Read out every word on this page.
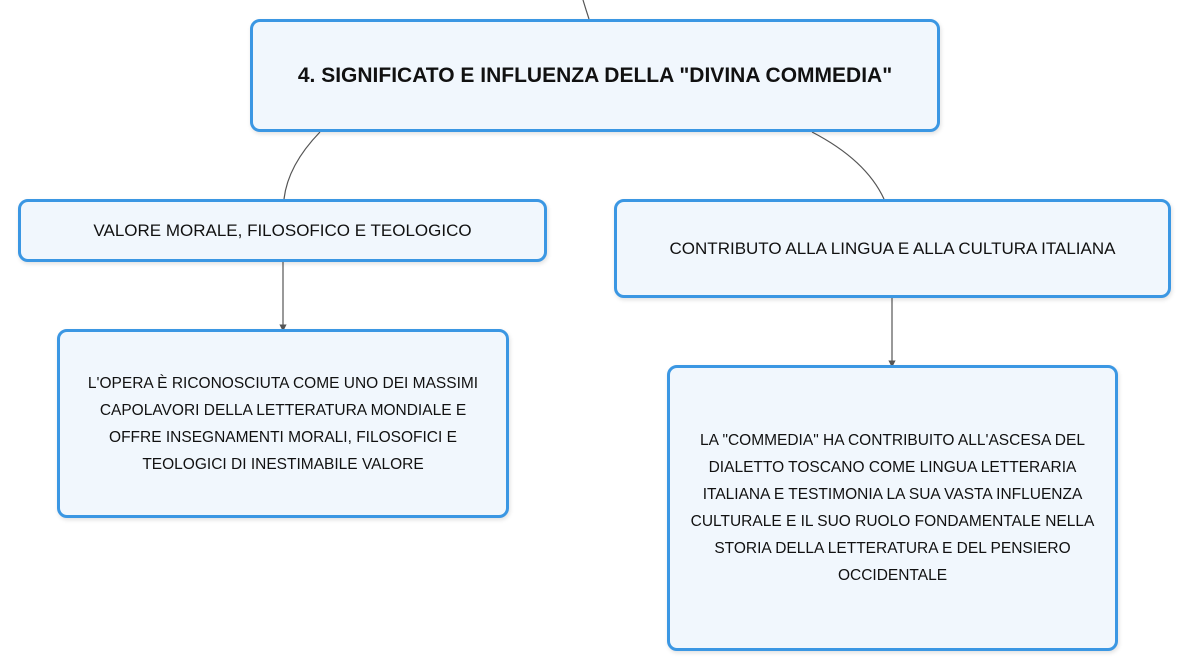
4. SIGNIFICATO E INFLUENZA DELLA "DIVINA COMMEDIA"
VALORE MORALE, FILOSOFICO E TEOLOGICO
CONTRIBUTO ALLA LINGUA E ALLA CULTURA ITALIANA
L'OPERA È RICONOSCIUTA COME UNO DEI MASSIMI CAPOLAVORI DELLA LETTERATURA MONDIALE E OFFRE INSEGNAMENTI MORALI, FILOSOFICI E TEOLOGICI DI INESTIMABILE VALORE
LA "COMMEDIA" HA CONTRIBUITO ALL'ASCESA DEL DIALETTO TOSCANO COME LINGUA LETTERARIA ITALIANA E TESTIMONIA LA SUA VASTA INFLUENZA CULTURALE E IL SUO RUOLO FONDAMENTALE NELLA STORIA DELLA LETTERATURA E DEL PENSIERO OCCIDENTALE
